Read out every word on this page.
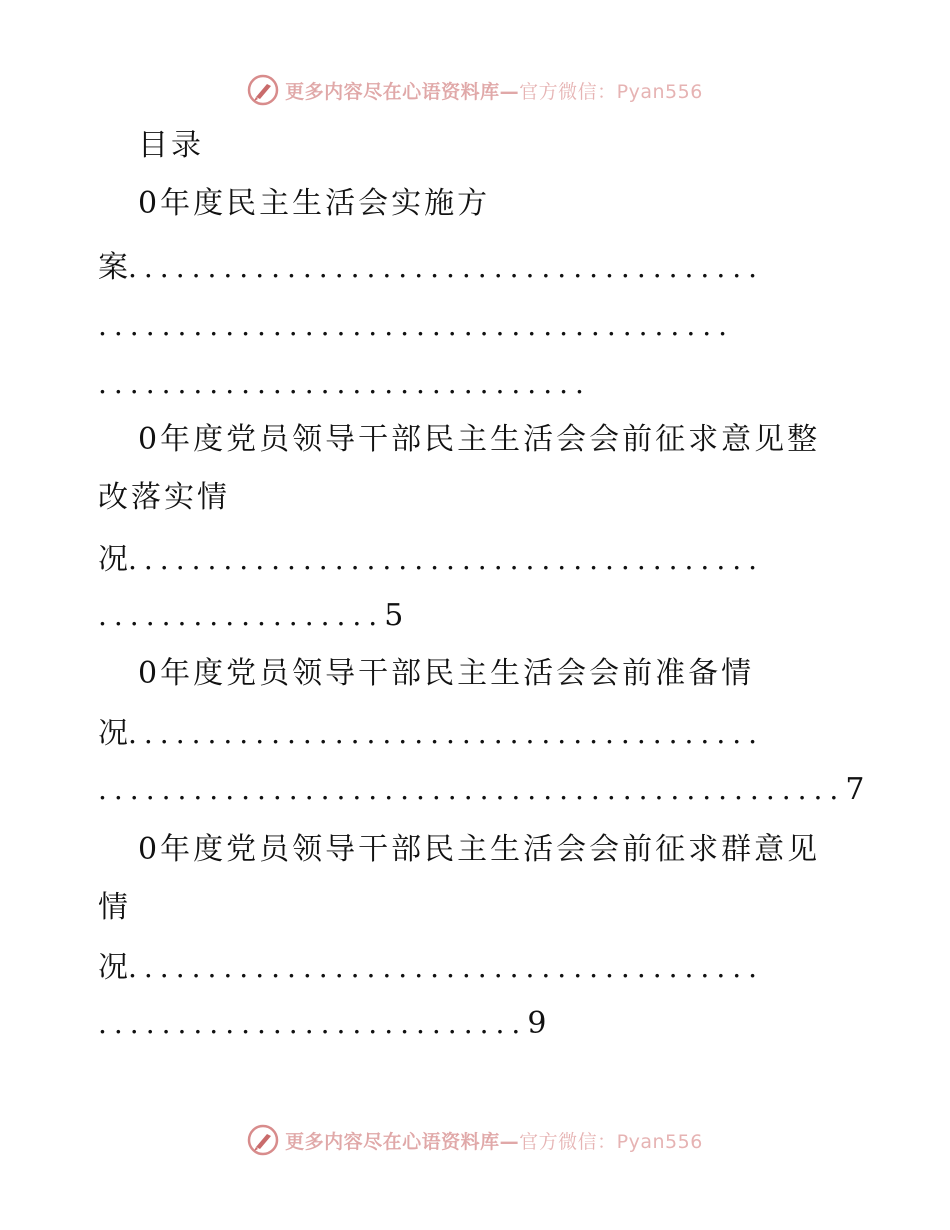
更多内容尽在心语资料库—官方微信：Pyan556
目录
0年度民主生活会实施方
案........................................
........................................
...............................
0年度党员领导干部民主生活会会前征求意见整
改落实情
况........................................
..................5
0年度党员领导干部民主生活会会前准备情
况........................................
...............................................7
0年度党员领导干部民主生活会会前征求群意见
情
况........................................
...........................9
更多内容尽在心语资料库—官方微信：Pyan556
